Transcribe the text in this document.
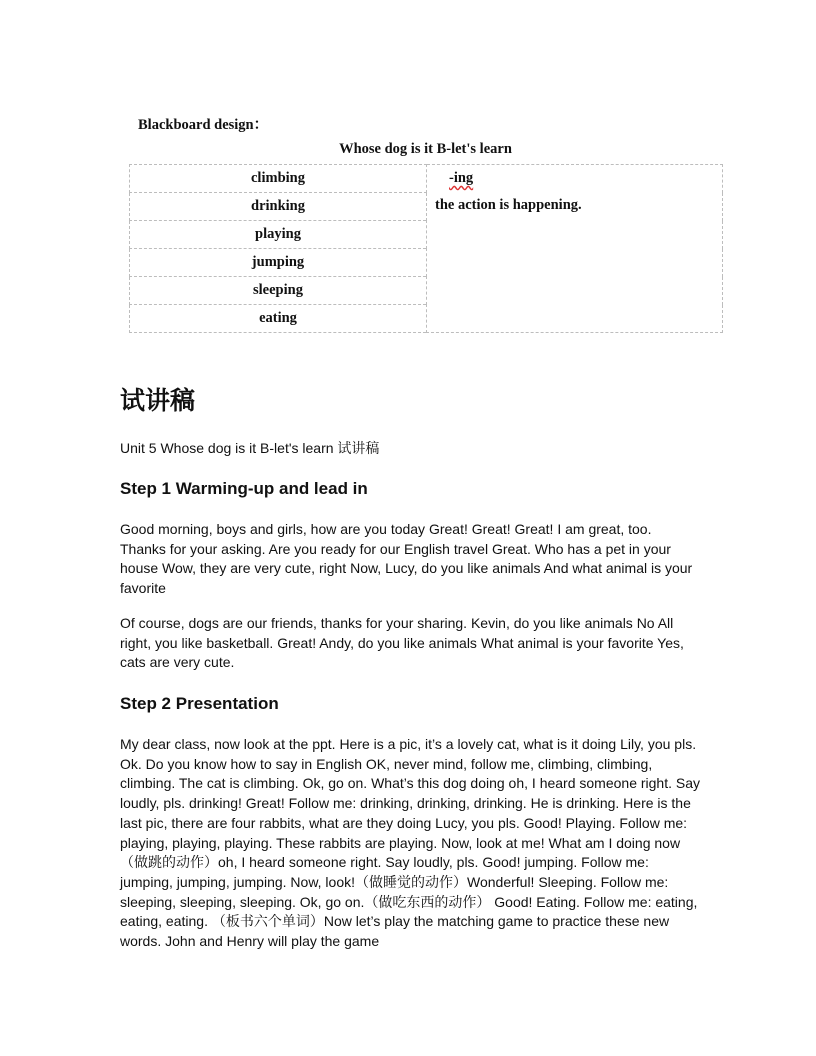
Blackboard design：
Whose dog is it B-let's learn
climbing	-ing
the action is happening.

drinking
playing
jumping
sleeping
eating
试讲稿
Unit 5 Whose dog is it B-let's learn 试讲稿
Step 1 Warming-up and lead in

Good morning, boys and girls, how are you today Great! Great! Great! I am great, too. Thanks for your asking. Are you ready for our English travel Great. Who has a pet in your house Wow, they are very cute, right Now, Lucy, do you like animals And what animal is your favorite

Of course, dogs are our friends, thanks for your sharing. Kevin, do you like animals No All right, you like basketball. Great! Andy, do you like animals What animal is your favorite Yes, cats are very cute.

Step 2 Presentation

My dear class, now look at the ppt. Here is a pic, it’s a lovely cat, what is it doing Lily, you pls. Ok. Do you know how to say in English OK, never mind, follow me, climbing, climbing, climbing. The cat is climbing. Ok, go on. What’s this dog doing oh, I heard someone right. Say loudly, pls. drinking! Great! Follow me: drinking, drinking, drinking. He is drinking. Here is the last pic, there are four rabbits, what are they doing Lucy, you pls. Good! Playing. Follow me: playing, playing, playing. These rabbits are playing. Now, look at me! What am I doing now（做跳的动作）oh, I heard someone right. Say loudly, pls. Good! jumping. Follow me: jumping, jumping, jumping. Now, look!（做睡觉的动作）Wonderful! Sleeping. Follow me: sleeping, sleeping, sleeping. Ok, go on.（做吃东西的动作） Good! Eating. Follow me: eating, eating, eating. （板书六个单词）Now let’s play the matching game to practice these new words. John and Henry will play the game
